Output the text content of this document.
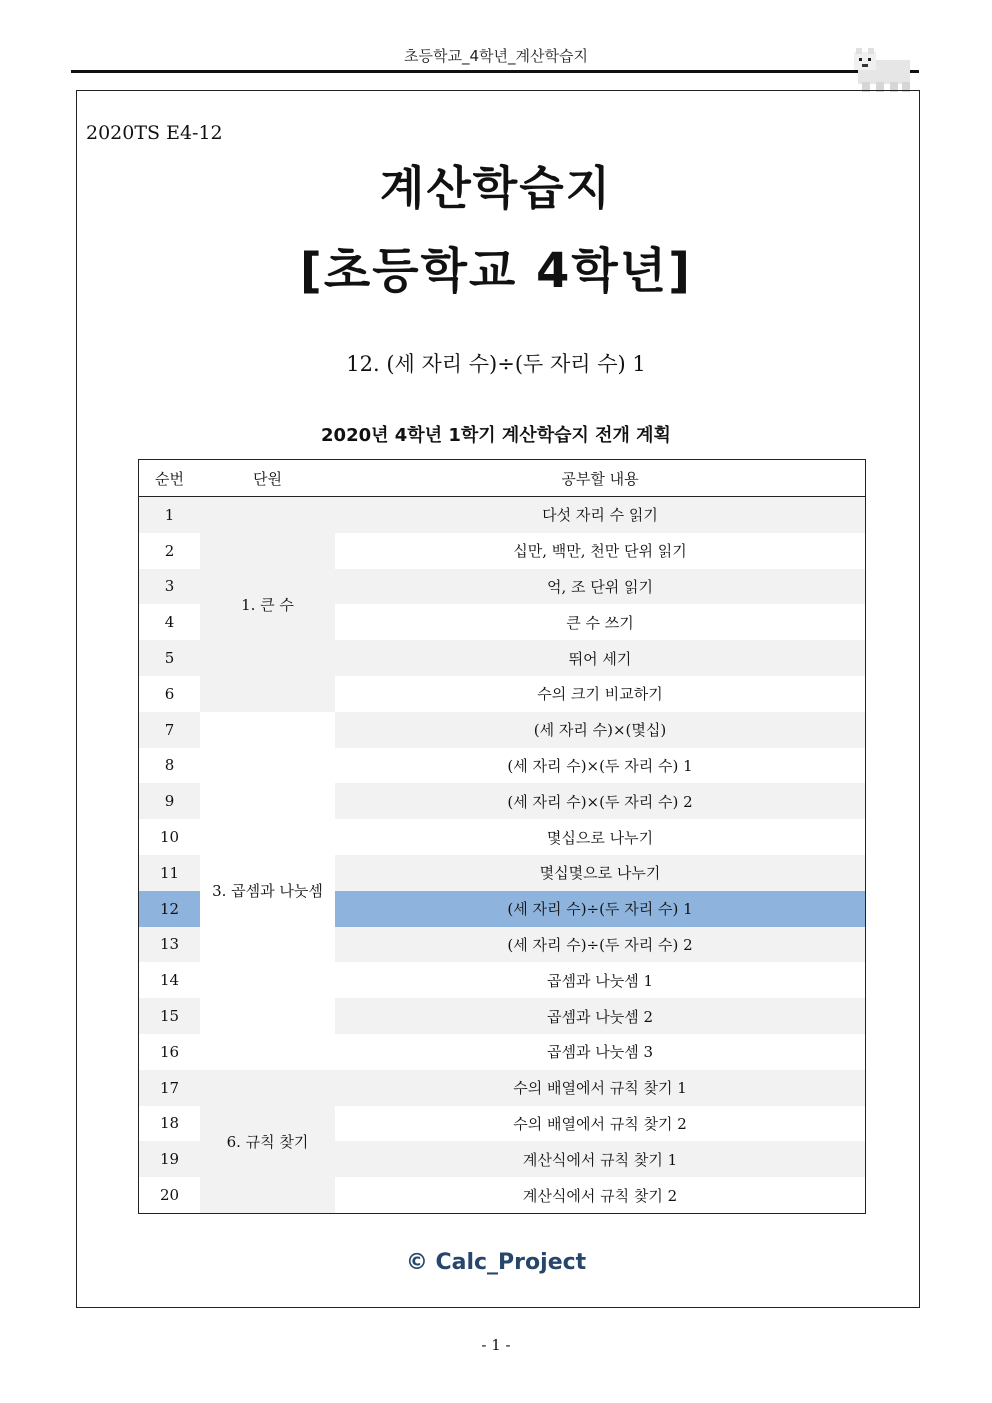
초등학교_4학년_계산학습지
2020TS E4-12
계산학습지
[초등학교 4학년]
12. (세 자리 수)÷(두 자리 수) 1
2020년 4학년 1학기 계산학습지 전개 계획
순번	단원	공부할 내용
1	1. 큰 수	다섯 자리 수 읽기
2		십만, 백만, 천만 단위 읽기
3		억, 조 단위 읽기
4		큰 수 쓰기
5		뛰어 세기
6		수의 크기 비교하기
7	3. 곱셈과 나눗셈	(세 자리 수)×(몇십)
8		(세 자리 수)×(두 자리 수) 1
9		(세 자리 수)×(두 자리 수) 2
10		몇십으로 나누기
11		몇십몇으로 나누기
12		(세 자리 수)÷(두 자리 수) 1
13		(세 자리 수)÷(두 자리 수) 2
14		곱셈과 나눗셈 1
15		곱셈과 나눗셈 2
16		곱셈과 나눗셈 3
17	6. 규칙 찾기	수의 배열에서 규칙 찾기 1
18		수의 배열에서 규칙 찾기 2
19		계산식에서 규칙 찾기 1
20		계산식에서 규칙 찾기 2
© Calc_Project
- 1 -
